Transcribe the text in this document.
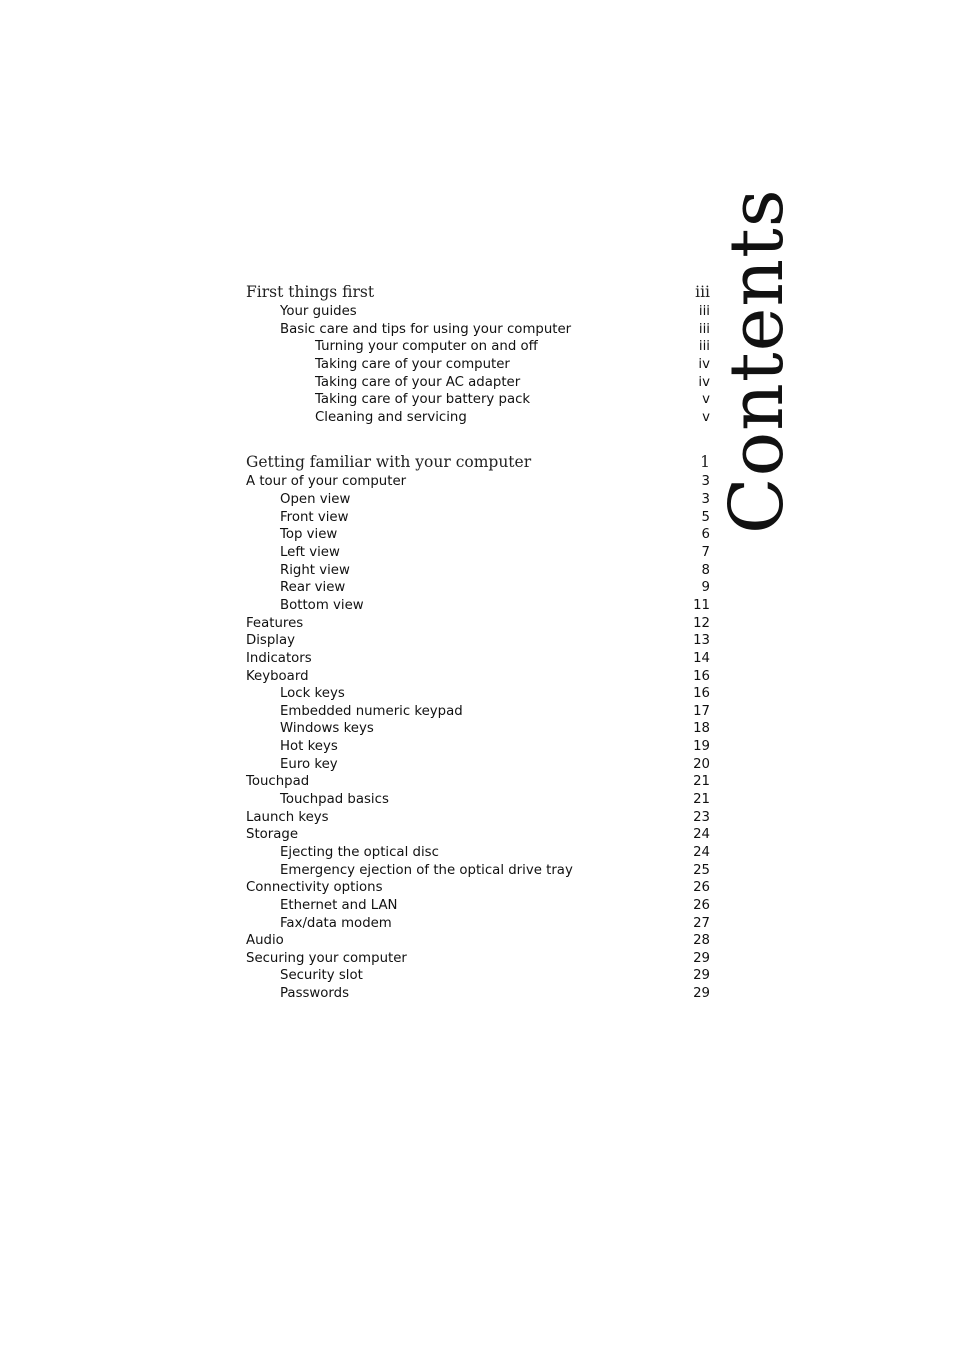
First things first	iii
Your guides	iii
Basic care and tips for using your computer	iii
Turning your computer on and off	iii
Taking care of your computer	iv
Taking care of your AC adapter	iv
Taking care of your battery pack	v
Cleaning and servicing	v
Getting familiar with your computer	1
A tour of your computer	3
Open view	3
Front view	5
Top view	6
Left view	7
Right view	8
Rear view	9
Bottom view	11
Features	12
Display	13
Indicators	14
Keyboard	16
Lock keys	16
Embedded numeric keypad	17
Windows keys	18
Hot keys	19
Euro key	20
Touchpad	21
Touchpad basics	21
Launch keys	23
Storage	24
Ejecting the optical disc	24
Emergency ejection of the optical drive tray	25
Connectivity options	26
Ethernet and LAN	26
Fax/data modem	27
Audio	28
Securing your computer	29
Security slot	29
Passwords	29
Contents
